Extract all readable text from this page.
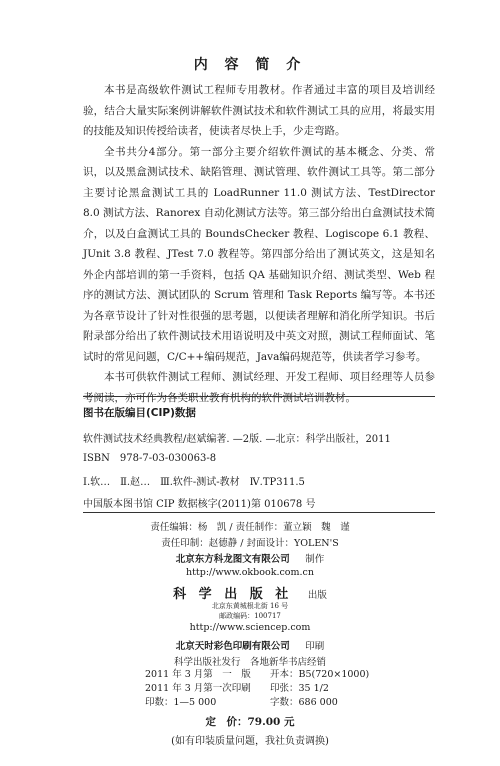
内 容 简 介

本书是高级软件测试工程师专用教材。作者通过丰富的项目及培训经验，结合大量实际案例讲解软件测试技术和软件测试工具的应用，将最实用的技能及知识传授给读者，使读者尽快上手，少走弯路。

全书共分4部分。第一部分主要介绍软件测试的基本概念、分类、常识，以及黑盒测试技术、缺陷管理、测试管理、软件测试工具等。第二部分主要讨论黑盒测试工具的 LoadRunner 11.0 测试方法、TestDirector 8.0 测试方法、Ranorex 自动化测试方法等。第三部分给出白盒测试技术简介，以及白盒测试工具的 BoundsChecker 教程、Logiscope 6.1 教程、JUnit 3.8 教程、JTest 7.0 教程等。第四部分给出了测试英文，这是知名外企内部培训的第一手资料，包括 QA 基础知识介绍、测试类型、Web 程序的测试方法、测试团队的 Scrum 管理和 Task Reports 编写等。本书还为各章节设计了针对性很强的思考题，以便读者理解和消化所学知识。书后附录部分给出了软件测试技术用语说明及中英文对照，测试工程师面试、笔试时的常见问题，C/C++编码规范，Java编码规范等，供读者学习参考。

本书可供软件测试工程师、测试经理、开发工程师、项目经理等人员参考阅读，亦可作为各类职业教育机构的软件测试培训教材。

图书在版编目(CIP)数据
软件测试技术经典教程/赵斌编著. —2版. —北京：科学出版社，2011
ISBN　978-7-03-030063-8
Ⅰ.软…　Ⅱ.赵…　Ⅲ.软件-测试-教材　Ⅳ.TP311.5
中国版本图书馆 CIP 数据核字(2011)第 010678 号
责任编辑：杨　凯 / 责任制作：董立颖　魏　谨
责任印制：赵德静 / 封面设计：YOLEN'S
北京东方科龙图文有限公司 　 制作
http://www.okbook.com.cn
科 学 出 版 社 　 出版
北京东黄城根北街 16 号
邮政编码：100717
http://www.sciencep.com
北京天时彩色印刷有限公司 　 印刷
科学出版社发行　各地新华书店经销
2011 年 3 月第　一　版	开本：B5(720×1000)
2011 年 3 月第一次印刷	印张：35 1/2
印数：1—5 000	字数：686 000
定　价：79.00 元
(如有印装质量问题，我社负责调换)
